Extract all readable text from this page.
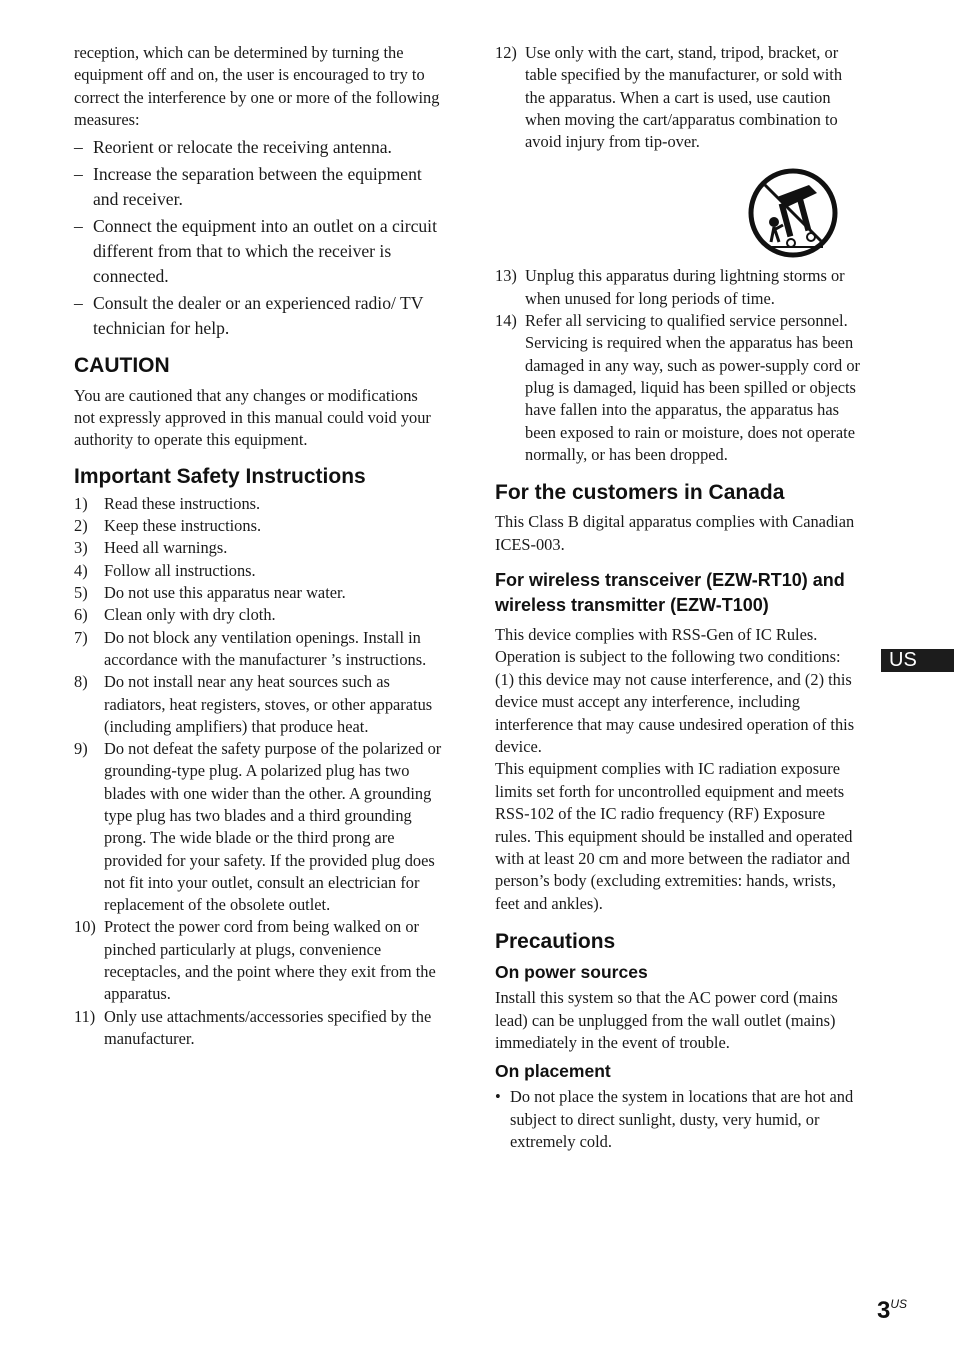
reception, which can be determined by turning the equipment off and on, the user is encouraged to try to correct the interference by one or more of the following measures:

– Reorient or relocate the receiving antenna.
– Increase the separation between the equipment and receiver.
– Connect the equipment into an outlet on a circuit different from that to which the receiver is connected.
– Consult the dealer or an experienced radio/ TV technician for help.
CAUTION

You are cautioned that any changes or modifications not expressly approved in this manual could void your authority to operate this equipment.

Important Safety Instructions
1) Read these instructions.
2) Keep these instructions.
3) Heed all warnings.
4) Follow all instructions.
5) Do not use this apparatus near water.
6) Clean only with dry cloth.
7) Do not block any ventilation openings. Install in accordance with the manufacturer ’s instructions.
8) Do not install near any heat sources such as radiators, heat registers, stoves, or other apparatus (including amplifiers) that produce heat.
9) Do not defeat the safety purpose of the polarized or grounding-type plug. A polarized plug has two blades with one wider than the other. A grounding type plug has two blades and a third grounding prong. The wide blade or the third prong are provided for your safety. If the provided plug does not fit into your outlet, consult an electrician for replacement of the obsolete outlet.
10) Protect the power cord from being walked on or pinched particularly at plugs, convenience receptacles, and the point where they exit from the apparatus.
11) Only use attachments/accessories specified by the manufacturer.
12) Use only with the cart, stand, tripod, bracket, or table specified by the manufacturer, or sold with the apparatus. When a cart is used, use caution when moving the cart/apparatus combination to avoid injury from tip-over.
13) Unplug this apparatus during lightning storms or when unused for long periods of time.
14) Refer all servicing to qualified service personnel. Servicing is required when the apparatus has been damaged in any way, such as power-supply cord or plug is damaged, liquid has been spilled or objects have fallen into the apparatus, the apparatus has been exposed to rain or moisture, does not operate normally, or has been dropped.
For the customers in Canada

This Class B digital apparatus complies with Canadian ICES-003.

For wireless transceiver (EZW-RT10) and wireless transmitter (EZW-T100)

This device complies with RSS-Gen of IC Rules. Operation is subject to the following two conditions: (1) this device may not cause interference, and (2) this device must accept any interference, including interference that may cause undesired operation of this device.

This equipment complies with IC radiation exposure limits set forth for uncontrolled equipment and meets RSS-102 of the IC radio frequency (RF) Exposure rules. This equipment should be installed and operated with at least 20 cm and more between the radiator and person’s body (excluding extremities: hands, wrists, feet and ankles).

Precautions
On power sources

Install this system so that the AC power cord (mains lead) can be unplugged from the wall outlet (mains) immediately in the event of trouble.

On placement
• Do not place the system in locations that are hot and subject to direct sunlight, dusty, very humid, or extremely cold.
US
$3^{US}$
